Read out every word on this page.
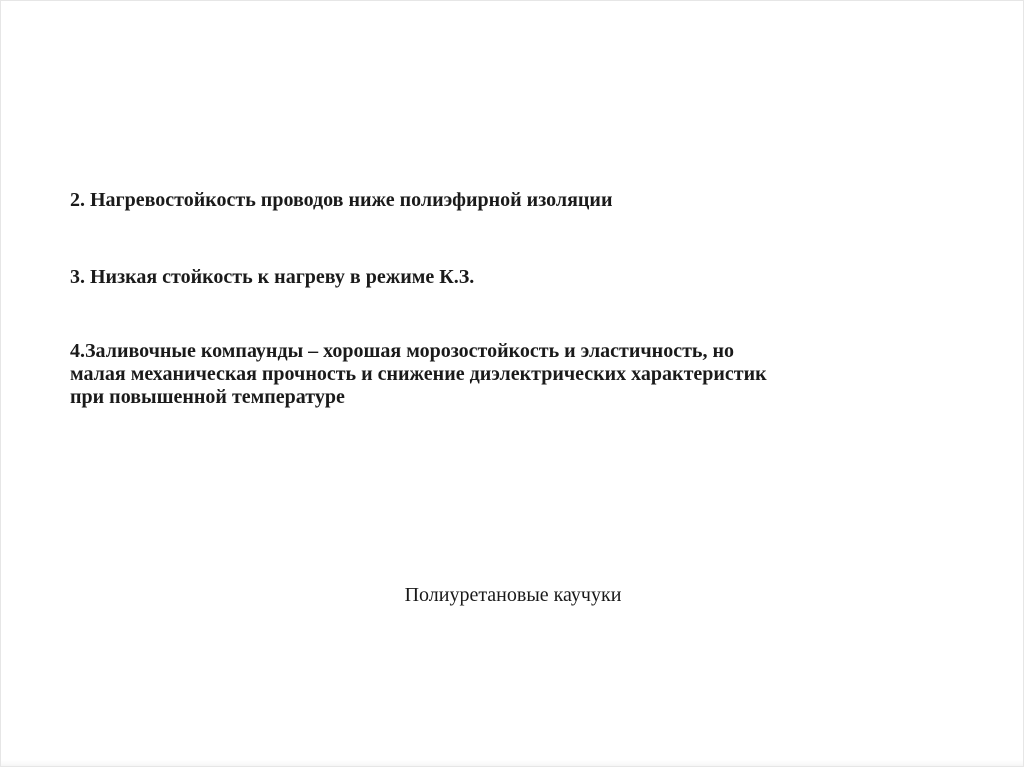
2. Нагревостойкость проводов ниже полиэфирной изоляции

3. Низкая стойкость к нагреву в режиме К.З.

4.Заливочные компаунды – хорошая морозостойкость и эластичность, но
малая механическая прочность и снижение диэлектрических характеристик
при повышенной температуре

Полиуретановые каучуки
